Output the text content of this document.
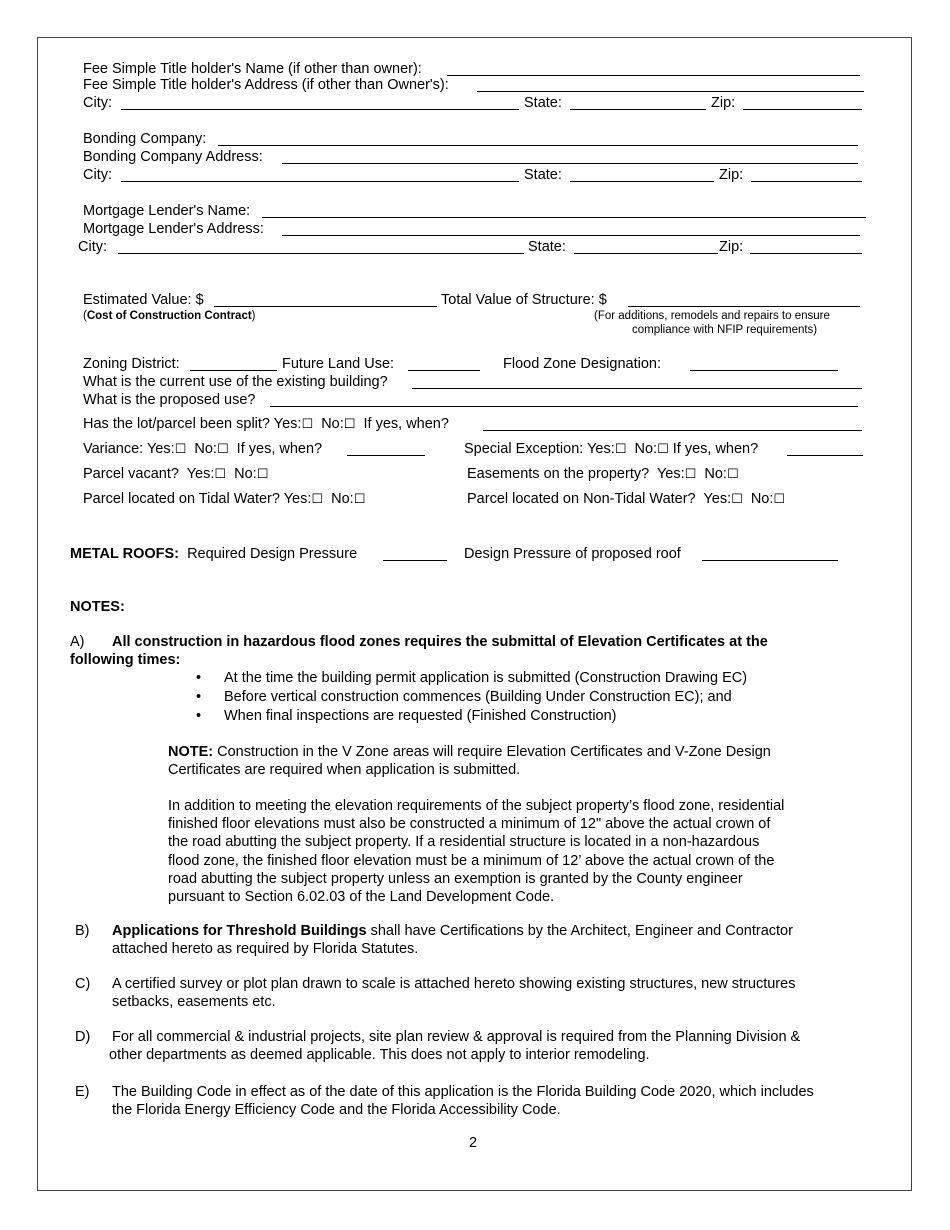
Fee Simple Title holder's Name (if other than owner):
Fee Simple Title holder's Address (if other than Owner's):
City:	State:	Zip:
Bonding Company:
Bonding Company Address:
City:	State:	Zip:
Mortgage Lender's Name:
Mortgage Lender's Address:
City:	State:	Zip:
Estimated Value: $
(Cost of Construction Contract)
Total Value of Structure: $
(For additions, remodels and repairs to ensure
compliance with NFIP requirements)
Zoning District:	Future Land Use:	Flood Zone Designation:
What is the current use of the existing building?
What is the proposed use?
Has the lot/parcel been split? Yes:☐ No:☐ If yes, when?
Variance: Yes:☐ No:☐ If yes, when?	Special Exception: Yes:☐ No:☐ If yes, when?
Parcel vacant? Yes:☐ No:☐	Easements on the property? Yes:☐ No:☐
Parcel located on Tidal Water? Yes:☐ No:☐	Parcel located on Non-Tidal Water? Yes:☐ No:☐
METAL ROOFS: Required Design Pressure	Design Pressure of proposed roof
NOTES:
A) All construction in hazardous flood zones requires the submittal of Elevation Certificates at the
following times:
• At the time the building permit application is submitted (Construction Drawing EC)
• Before vertical construction commences (Building Under Construction EC); and
• When final inspections are requested (Finished Construction)
NOTE: Construction in the V Zone areas will require Elevation Certificates and V-Zone Design
Certificates are required when application is submitted.
In addition to meeting the elevation requirements of the subject property’s flood zone, residential
finished floor elevations must also be constructed a minimum of 12" above the actual crown of
the road abutting the subject property. If a residential structure is located in a non-hazardous
flood zone, the finished floor elevation must be a minimum of 12’ above the actual crown of the
road abutting the subject property unless an exemption is granted by the County engineer
pursuant to Section 6.02.03 of the Land Development Code.
B) Applications for Threshold Buildings shall have Certifications by the Architect, Engineer and Contractor
attached hereto as required by Florida Statutes.
C) A certified survey or plot plan drawn to scale is attached hereto showing existing structures, new structures
setbacks, easements etc.
D) For all commercial & industrial projects, site plan review & approval is required from the Planning Division &
other departments as deemed applicable. This does not apply to interior remodeling.
E) The Building Code in effect as of the date of this application is the Florida Building Code 2020, which includes
the Florida Energy Efficiency Code and the Florida Accessibility Code.
2
